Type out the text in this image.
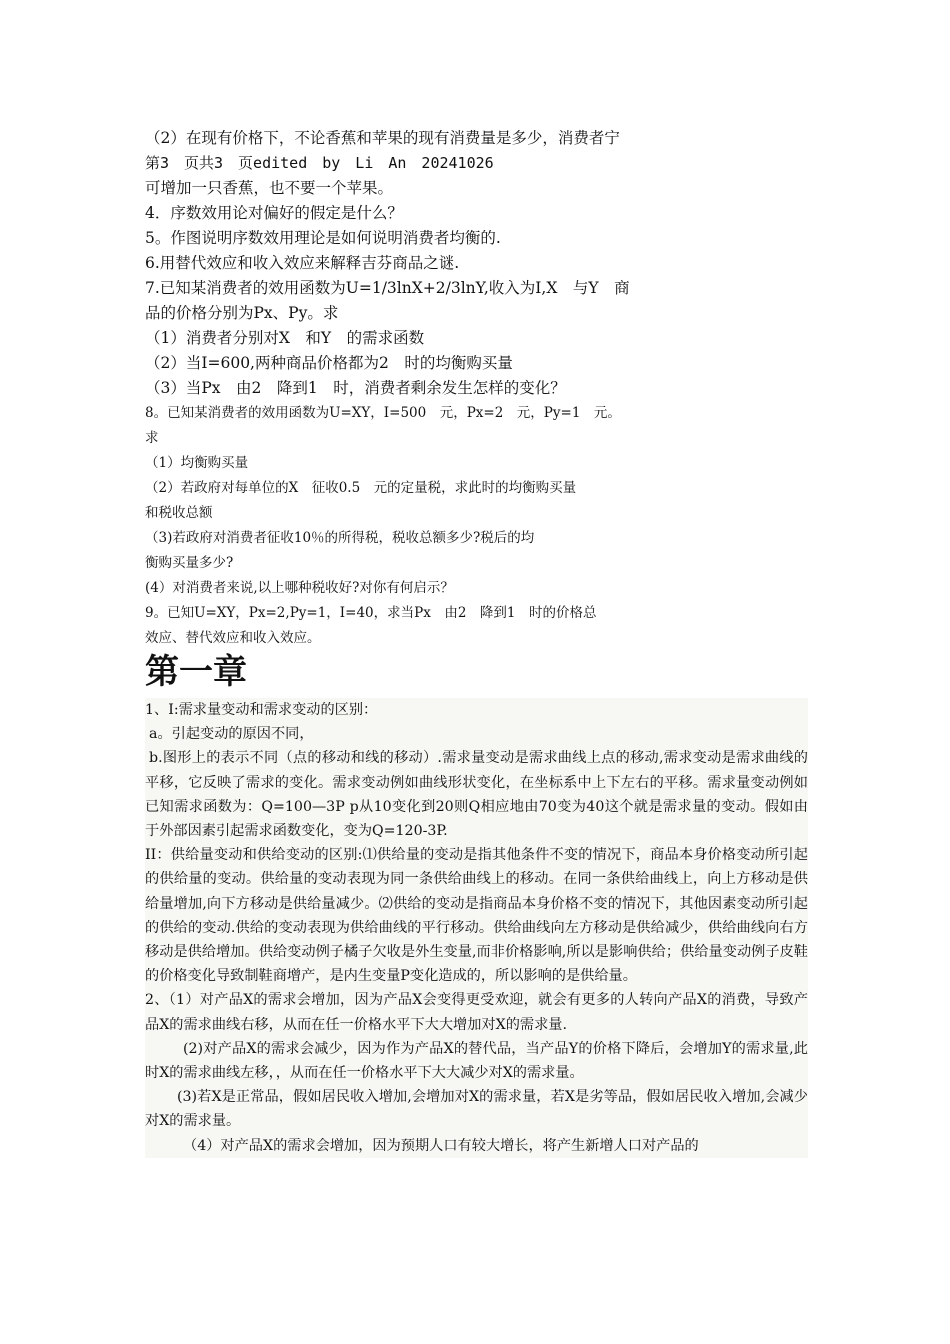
（2）在现有价格下，不论香蕉和苹果的现有消费量是多少，消费者宁
第3　页共3　页edited　by　Li　An　20241026
可增加一只香蕉，也不要一个苹果。
4．序数效用论对偏好的假定是什么？
5。作图说明序数效用理论是如何说明消费者均衡的.
6.用替代效应和收入效应来解释吉芬商品之谜.
7.已知某消费者的效用函数为U=1/3lnX+2/3lnY,收入为I,X　与Y　商
品的价格分别为Px、Py。求
（1）消费者分别对X　和Y　的需求函数
（2）当I=600,两种商品价格都为2　时的均衡购买量
（3）当Px　由2　降到1　时，消费者剩余发生怎样的变化？
8。已知某消费者的效用函数为U=XY，I=500　元，Px=2　元，Py=1　元。
求
（1）均衡购买量
（2）若政府对每单位的X　征收0.5　元的定量税，求此时的均衡购买量
和税收总额
（3)若政府对消费者征收10％的所得税，税收总额多少?税后的均
衡购买量多少?
(4）对消费者来说,以上哪种税收好?对你有何启示？
9。已知U=XY，Px=2,Py=1，I=40，求当Px　由2　降到1　时的价格总
效应、替代效应和收入效应。
第一章

1、I:需求量变动和需求变动的区别：

a。引起变动的原因不同，

b.图形上的表示不同（点的移动和线的移动）.需求量变动是需求曲线上点的移动,需求变动是需求曲线的平移，它反映了需求的变化。需求变动例如曲线形状变化，在坐标系中上下左右的平移。需求量变动例如已知需求函数为：Q=100—3P p从10变化到20则Q相应地由70变为40这个就是需求量的变动。假如由于外部因素引起需求函数变化，变为Q=120-3P.

II：供给量变动和供给变动的区别:⑴供给量的变动是指其他条件不变的情况下，商品本身价格变动所引起的供给量的变动。供给量的变动表现为同一条供给曲线上的移动。在同一条供给曲线上，向上方移动是供给量增加,向下方移动是供给量减少。⑵供给的变动是指商品本身价格不变的情况下，其他因素变动所引起的供给的变动.供给的变动表现为供给曲线的平行移动。供给曲线向左方移动是供给减少，供给曲线向右方移动是供给增加。供给变动例子橘子欠收是外生变量,而非价格影响,所以是影响供给；供给量变动例子皮鞋的价格变化导致制鞋商增产，是内生变量P变化造成的，所以影响的是供给量。

2、（1）对产品X的需求会增加，因为产品X会变得更受欢迎，就会有更多的人转向产品X的消费，导致产品X的需求曲线右移，从而在任一价格水平下大大增加对X的需求量.

(2)对产品X的需求会减少，因为作为产品X的替代品，当产品Y的价格下降后，会增加Y的需求量,此时X的需求曲线左移，，从而在任一价格水平下大大减少对X的需求量。

(3)若X是正常品，假如居民收入增加,会增加对X的需求量，若X是劣等品，假如居民收入增加,会减少对X的需求量。

（4）对产品X的需求会增加，因为预期人口有较大增长，将产生新增人口对产品的
